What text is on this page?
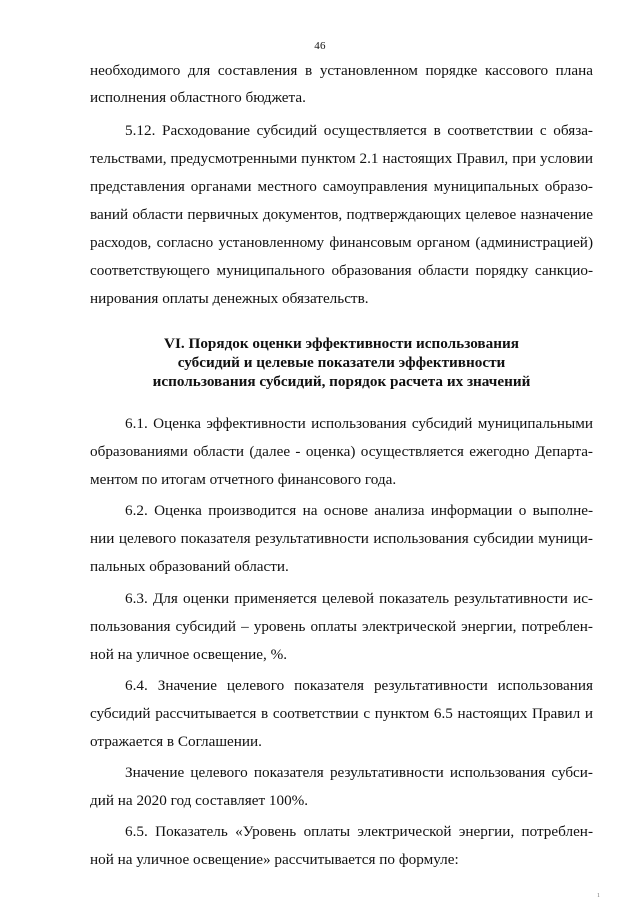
46
необходимого для составления в установленном порядке кассового плана
исполнения областного бюджета.
5.12. Расходование субсидий осуществляется в соответствии с обяза-
тельствами, предусмотренными пунктом 2.1 настоящих Правил, при условии
представления органами местного самоуправления муниципальных образо-
ваний области первичных документов, подтверждающих целевое назначение
расходов, согласно установленному финансовым органом (администрацией)
соответствующего муниципального образования области порядку санкцио-
нирования оплаты денежных обязательств.
VI. Порядок оценки эффективности использования
субсидий и целевые показатели эффективности
использования субсидий, порядок расчета их значений
6.1. Оценка эффективности использования субсидий муниципальными
образованиями области (далее - оценка) осуществляется ежегодно Департа-
ментом по итогам отчетного финансового года.
6.2. Оценка производится на основе анализа информации о выполне-
нии целевого показателя результативности использования субсидии муници-
пальных образований области.
6.3. Для оценки применяется целевой показатель результативности ис-
пользования субсидий – уровень оплаты электрической энергии, потреблен-
ной на уличное освещение, %.
6.4. Значение целевого показателя результативности использования
субсидий рассчитывается в соответствии с пунктом 6.5 настоящих Правил и
отражается в Соглашении.
Значение целевого показателя результативности использования субси-
дий на 2020 год составляет 100%.
6.5. Показатель «Уровень оплаты электрической энергии, потреблен-
ной на уличное освещение» рассчитывается по формуле:
1
